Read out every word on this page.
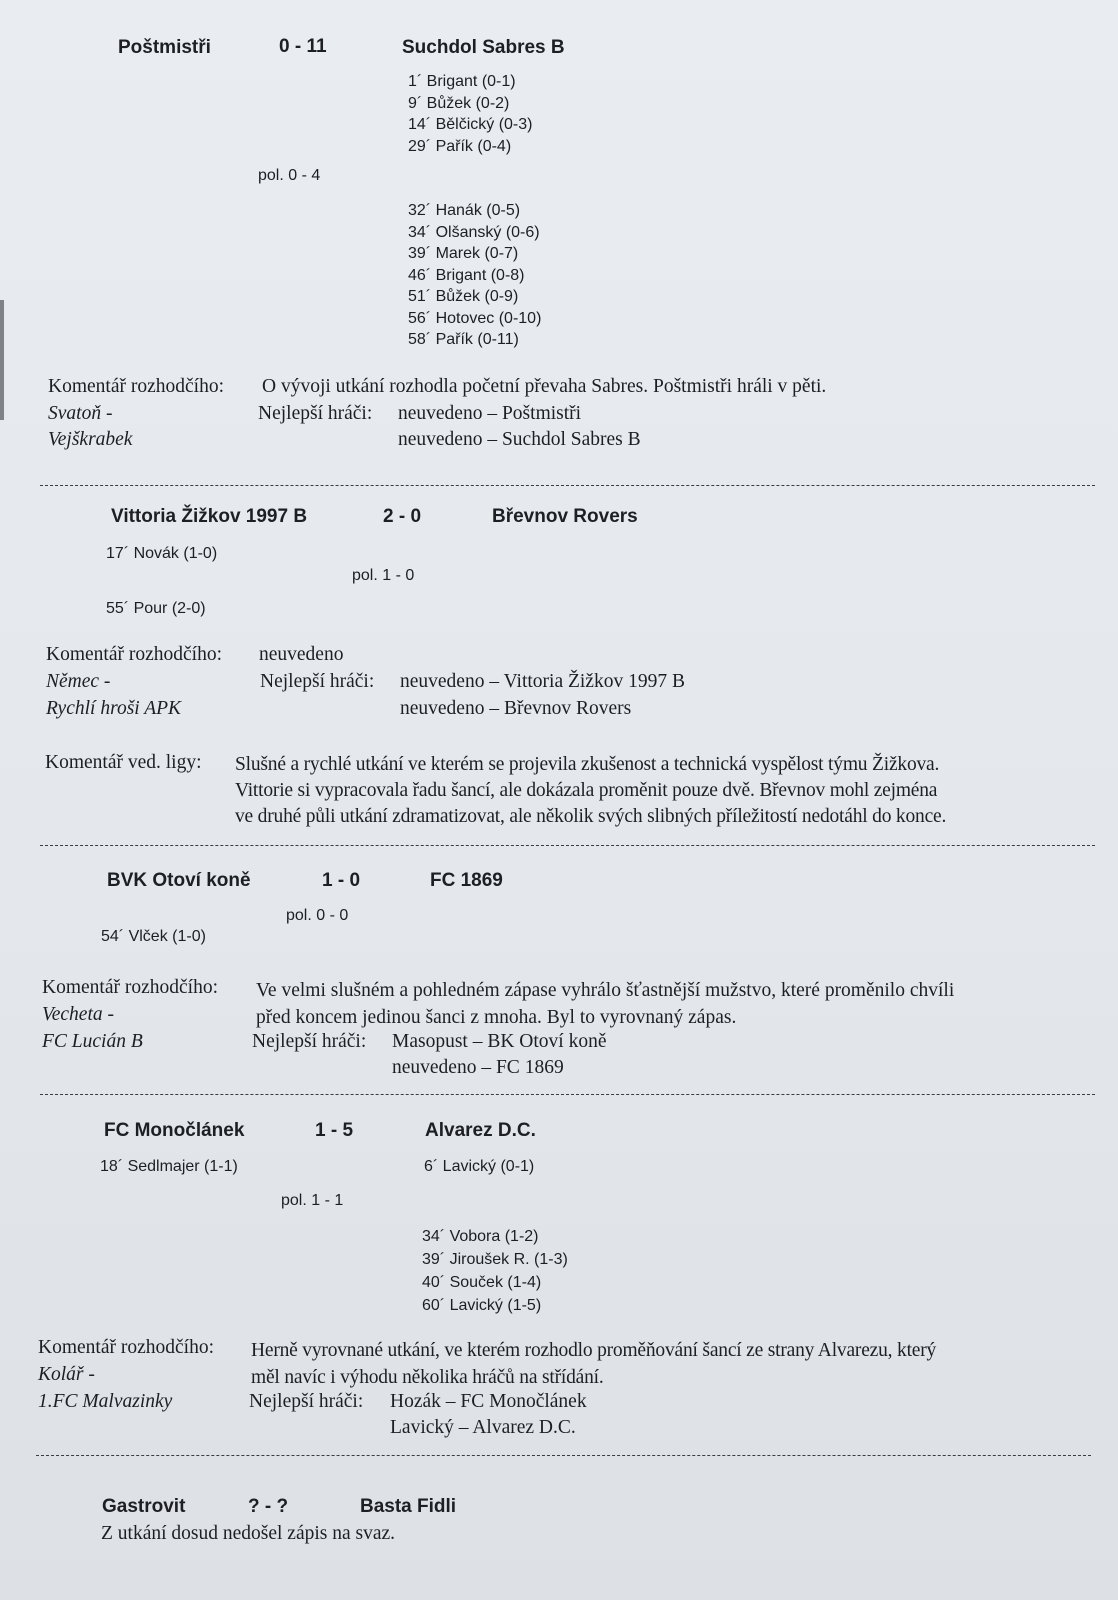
Poštmistři	0 - 11	Suchdol Sabres B
1´ Brigant (0-1)
9´ Bůžek (0-2)
14´ Bělčický (0-3)
29´ Pařík (0-4)
pol. 0 - 4
32´ Hanák (0-5)
34´ Olšanský (0-6)
39´ Marek (0-7)
46´ Brigant (0-8)
51´ Bůžek (0-9)
56´ Hotovec (0-10)
58´ Pařík (0-11)
Komentář rozhodčího: O vývoji utkání rozhodla početní převaha Sabres. Poštmistři hráli v pěti.
Svatoň -	Nejlepší hráči: neuvedeno – Poštmistři
Vejškrabek	neuvedeno – Suchdol Sabres B
Vittoria Žižkov 1997 B	2 - 0	Břevnov Rovers
17´ Novák (1-0)
pol. 1 - 0
55´ Pour (2-0)
Komentář rozhodčího: neuvedeno
Němec -	Nejlepší hráči: neuvedeno – Vittoria Žižkov 1997 B
Rychlí hroši APK	neuvedeno – Břevnov Rovers
Komentář ved. ligy: Slušné a rychlé utkání ve kterém se projevila zkušenost a technická vyspělost týmu Žižkova.
Vittorie si vypracovala řadu šancí, ale dokázala proměnit pouze dvě. Břevnov mohl zejména
ve druhé půli utkání zdramatizovat, ale několik svých slibných příležitostí nedotáhl do konce.
BVK Otoví koně	1 - 0	FC 1869
pol. 0 - 0
54´ Vlček (1-0)
Komentář rozhodčího: Ve velmi slušném a pohledném zápase vyhrálo šťastnější mužstvo, které proměnilo chvíli
před koncem jedinou šanci z mnoha. Byl to vyrovnaný zápas.
Vecheta -
FC Lucián B	Nejlepší hráči: Masopust – BK Otoví koně
neuvedeno – FC 1869
FC Monočlánek	1 - 5	Alvarez D.C.
18´ Sedlmajer (1-1)	6´ Lavický (0-1)
pol. 1 - 1
34´ Vobora (1-2)
39´ Jiroušek R. (1-3)
40´ Souček (1-4)
60´ Lavický (1-5)
Komentář rozhodčího: Herně vyrovnané utkání, ve kterém rozhodlo proměňování šancí ze strany Alvarezu, který
měl navíc i výhodu několika hráčů na střídání.
Kolář -
1.FC Malvazinky	Nejlepší hráči: Hozák – FC Monočlánek
Lavický – Alvarez D.C.
Gastrovit	? - ?	Basta Fidli
Z utkání dosud nedošel zápis na svaz.
